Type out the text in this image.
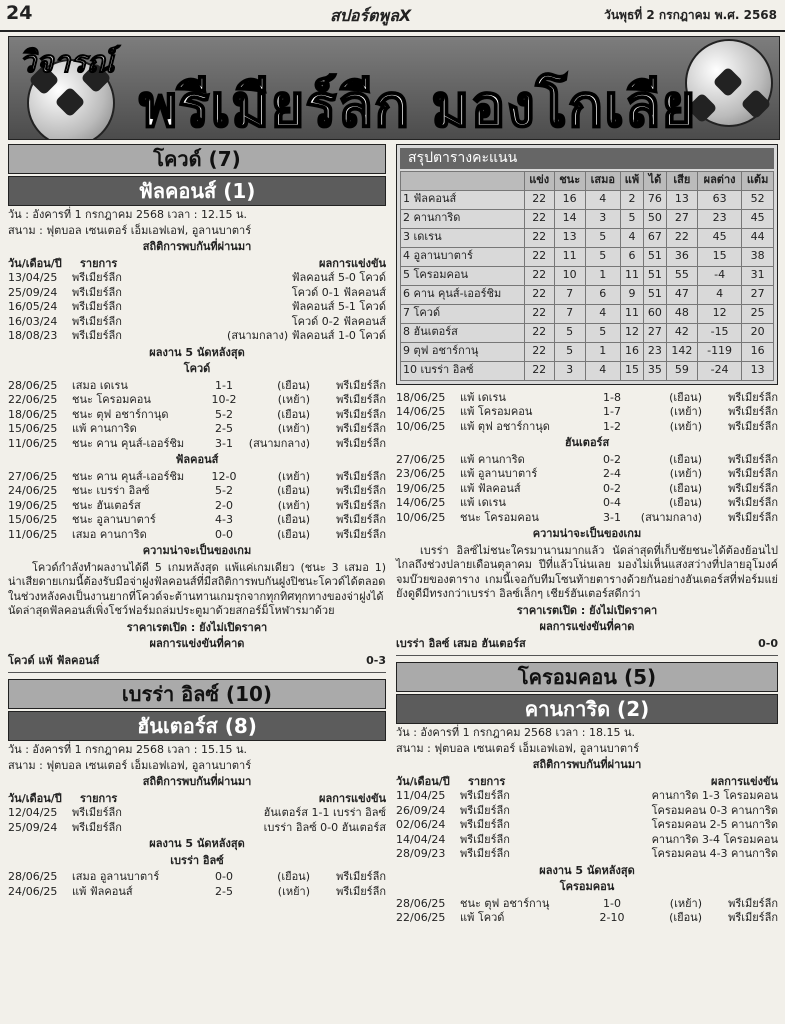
24	สปอร์ตพูลX	วันพุธที่ 2 กรกฎาคม พ.ศ. 2568
วิจารณ์
พรีเมียร์ลีก มองโกเลีย
โควด์ (7)
ฟัลคอนส์ (1)
วัน : อังคารที่ 1 กรกฎาคม 2568 เวลา : 12.15 น.
สนาม : ฟุตบอล เซนเตอร์ เอ็มเอฟเอฟ, อูลานบาตาร์
สถิติการพบกันที่ผ่านมา
วัน/เดือน/ปี	รายการ	ผลการแข่งขัน
13/04/25	พรีเมียร์ลีก	ฟัลคอนส์ 5-0 โควด์
25/09/24	พรีเมียร์ลีก	โควด์ 0-1 ฟัลคอนส์
16/05/24	พรีเมียร์ลีก	ฟัลคอนส์ 5-1 โควด์
16/03/24	พรีเมียร์ลีก	โควด์ 0-2 ฟัลคอนส์
18/08/23	พรีเมียร์ลีก	(สนามกลาง) ฟัลคอนส์ 1-0 โควด์
ผลงาน 5 นัดหลังสุด
โควด์
28/06/25	เสมอ เดเรน	1-1	(เยือน)	พรีเมียร์ลีก
22/06/25	ชนะ โครอมคอน	10-2	(เหย้า)	พรีเมียร์ลีก
18/06/25	ชนะ ตุฟ อชาร์กานุด	5-2	(เยือน)	พรีเมียร์ลีก
15/06/25	แพ้ คานการิด	2-5	(เหย้า)	พรีเมียร์ลีก
11/06/25	ชนะ คาน คุนส์-เออร์ชิม	3-1	(สนามกลาง)	พรีเมียร์ลีก
ฟัลคอนส์
27/06/25	ชนะ คาน คุนส์-เออร์ชิม	12-0	(เหย้า)	พรีเมียร์ลีก
24/06/25	ชนะ เบรร่า อิลซ์	5-2	(เยือน)	พรีเมียร์ลีก
19/06/25	ชนะ ฮันเตอร์ส	2-0	(เหย้า)	พรีเมียร์ลีก
15/06/25	ชนะ อูลานบาตาร์	4-3	(เยือน)	พรีเมียร์ลีก
11/06/25	เสมอ คานการิด	0-0	(เยือน)	พรีเมียร์ลีก
ความน่าจะเป็นของเกม
โควด์กำลังทำผลงานได้ดี 5 เกมหลังสุด แพ้แค่เกมเดียว (ชนะ 3 เสมอ 1) น่าเสียดายเกมนี้ต้องรับมือจ่าฝูงฟัลคอนส์ที่มีสถิติการพบกันฝูงปิชนะโควด์ได้ตลอดในช่วงหลังคงเป็นงานยากที่โควด์จะต้านทานเกมรุกจากทุกทิศทุกทางของจ่าฝูงได้ นัดล่าสุดฟัลคอนส์เพิ่งโชว์ฟอร์มถล่มประตูมาด้วยสกอร์ม็โหฬารมาด้วย
ราคาเรตเปิด : ยังไม่เปิดราคา
ผลการแข่งขันที่คาด
โควด์ แพ้ ฟัลคอนส์	0-3
เบรร่า อิลซ์ (10)
ฮันเตอร์ส (8)
วัน : อังคารที่ 1 กรกฎาคม 2568 เวลา : 15.15 น.
สนาม : ฟุตบอล เซนเตอร์ เอ็มเอฟเอฟ, อูลานบาตาร์
สถิติการพบกันที่ผ่านมา
วัน/เดือน/ปี	รายการ	ผลการแข่งขัน
12/04/25	พรีเมียร์ลีก	ฮันเตอร์ส 1-1 เบรร่า อิลซ์
25/09/24	พรีเมียร์ลีก	เบรร่า อิลซ์ 0-0 ฮันเตอร์ส
ผลงาน 5 นัดหลังสุด
เบรร่า อิลซ์
28/06/25	เสมอ อูลานบาตาร์	0-0	(เยือน)	พรีเมียร์ลีก
24/06/25	แพ้ ฟัลคอนส์	2-5	(เหย้า)	พรีเมียร์ลีก
สรุปตารางคะแนน
	แข่ง	ชนะ	เสมอ	แพ้	ได้	เสีย	ผลต่าง	แต้ม
1 ฟัลคอนส์	22	16	4	2	76	13	63	52
2 คานการิด	22	14	3	5	50	27	23	45
3 เดเรน	22	13	5	4	67	22	45	44
4 อูลานบาตาร์	22	11	5	6	51	36	15	38
5 โครอมคอน	22	10	1	11	51	55	-4	31
6 คาน คุนส์-เออร์ชิม	22	7	6	9	51	47	4	27
7 โควด์	22	7	4	11	60	48	12	25
8 ฮันเตอร์ส	22	5	5	12	27	42	-15	20
9 ตุฟ อชาร์กานุ	22	5	1	16	23	142	-119	16
10 เบรร่า อิลซ์	22	3	4	15	35	59	-24	13
18/06/25	แพ้ เดเรน	1-8	(เยือน)	พรีเมียร์ลีก
14/06/25	แพ้ โครอมคอน	1-7	(เหย้า)	พรีเมียร์ลีก
10/06/25	แพ้ ตุฟ อชาร์กานุด	1-2	(เหย้า)	พรีเมียร์ลีก
ฮันเตอร์ส
27/06/25	แพ้ คานการิด	0-2	(เยือน)	พรีเมียร์ลีก
23/06/25	แพ้ อูลานบาตาร์	2-4	(เหย้า)	พรีเมียร์ลีก
19/06/25	แพ้ ฟัลคอนส์	0-2	(เยือน)	พรีเมียร์ลีก
14/06/25	แพ้ เดเรน	0-4	(เยือน)	พรีเมียร์ลีก
10/06/25	ชนะ โครอมคอน	3-1	(สนามกลาง)	พรีเมียร์ลีก
ความน่าจะเป็นของเกม
เบรร่า อิลซ์ไม่ชนะใครมานานมากแล้ว นัดล่าสุดที่เก็บชัยชนะได้ต้องย้อนไปไกลถึงช่วงปลายเดือนตุลาคม ปีที่แล้วโน่นเลย มองไม่เห็นแสงสว่างที่ปลายอุโมงค์ จมบ๊วยของตาราง เกมนี้เจอกับทีมโซนท้ายตารางด้วยกันอย่างฮันเตอร์สที่ฟอร์มแย่ ยังดูดีมีทรงกว่าเบรร่า อิลซ์เล็กๆ เชียร์ฮันเตอร์สดีกว่า
ราคาเรตเปิด : ยังไม่เปิดราคา
ผลการแข่งขันที่คาด
เบรร่า อิลซ์ เสมอ ฮันเตอร์ส	0-0
โครอมคอน (5)
คานการิด (2)
วัน : อังคารที่ 1 กรกฎาคม 2568 เวลา : 18.15 น.
สนาม : ฟุตบอล เซนเตอร์ เอ็มเอฟเอฟ, อูลานบาตาร์
สถิติการพบกันที่ผ่านมา
วัน/เดือน/ปี	รายการ	ผลการแข่งขัน
11/04/25	พรีเมียร์ลีก	คานการิด 1-3 โครอมคอน
26/09/24	พรีเมียร์ลีก	โครอมคอน 0-3 คานการิด
02/06/24	พรีเมียร์ลีก	โครอมคอน 2-5 คานการิด
14/04/24	พรีเมียร์ลีก	คานการิด 3-4 โครอมคอน
28/09/23	พรีเมียร์ลีก	โครอมคอน 4-3 คานการิด
ผลงาน 5 นัดหลังสุด
โครอมคอน
28/06/25	ชนะ ตุฟ อชาร์กานุ	1-0	(เหย้า)	พรีเมียร์ลีก
22/06/25	แพ้ โควด์	2-10	(เยือน)	พรีเมียร์ลีก
